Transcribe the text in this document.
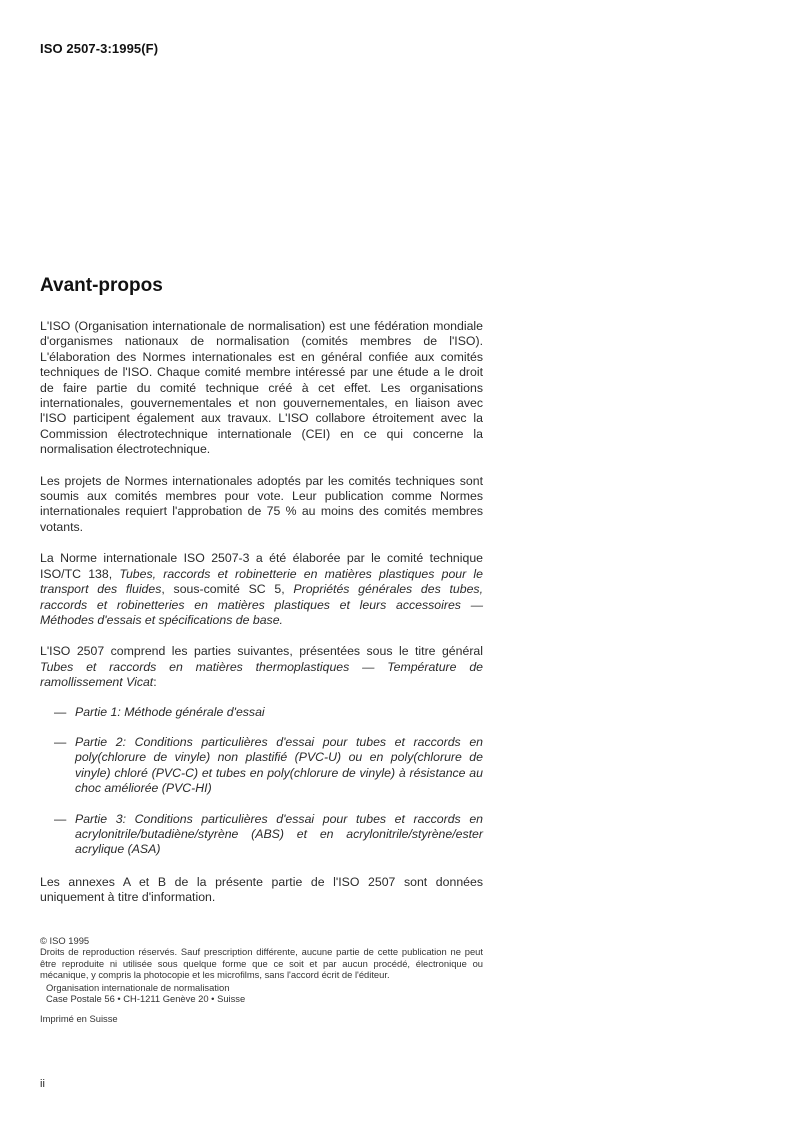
ISO 2507-3:1995(F)
Avant-propos

L'ISO (Organisation internationale de normalisation) est une fédération mondiale d'organismes nationaux de normalisation (comités membres de l'ISO). L'élaboration des Normes internationales est en général confiée aux comités techniques de l'ISO. Chaque comité membre intéressé par une étude a le droit de faire partie du comité technique créé à cet effet. Les organisations internationales, gouvernementales et non gouvernementales, en liaison avec l'ISO participent également aux travaux. L'ISO collabore étroitement avec la Commission électrotechnique internationale (CEI) en ce qui concerne la normalisation électrotechnique.

Les projets de Normes internationales adoptés par les comités techniques sont soumis aux comités membres pour vote. Leur publication comme Normes internationales requiert l'approbation de 75 % au moins des comités membres votants.

La Norme internationale ISO 2507-3 a été élaborée par le comité technique ISO/TC 138, Tubes, raccords et robinetterie en matières plastiques pour le transport des fluides, sous-comité SC 5, Propriétés générales des tubes, raccords et robinetteries en matières plastiques et leurs accessoires — Méthodes d'essais et spécifications de base.

L'ISO 2507 comprend les parties suivantes, présentées sous le titre général Tubes et raccords en matières thermoplastiques — Température de ramollissement Vicat:

— Partie 1: Méthode générale d'essai
— Partie 2: Conditions particulières d'essai pour tubes et raccords en poly(chlorure de vinyle) non plastifié (PVC-U) ou en poly(chlorure de vinyle) chloré (PVC-C) et tubes en poly(chlorure de vinyle) à résistance au choc améliorée (PVC-HI)
— Partie 3: Conditions particulières d'essai pour tubes et raccords en acrylonitrile/butadiène/styrène (ABS) et en acrylonitrile/styrène/ester acrylique (ASA)

Les annexes A et B de la présente partie de l'ISO 2507 sont données uniquement à titre d'information.

© ISO 1995

Droits de reproduction réservés. Sauf prescription différente, aucune partie de cette publication ne peut être reproduite ni utilisée sous quelque forme que ce soit et par aucun procédé, électronique ou mécanique, y compris la photocopie et les microfilms, sans l'accord écrit de l'éditeur.

Organisation internationale de normalisation
Case Postale 56 • CH-1211 Genève 20 • Suisse
Imprimé en Suisse
ii
